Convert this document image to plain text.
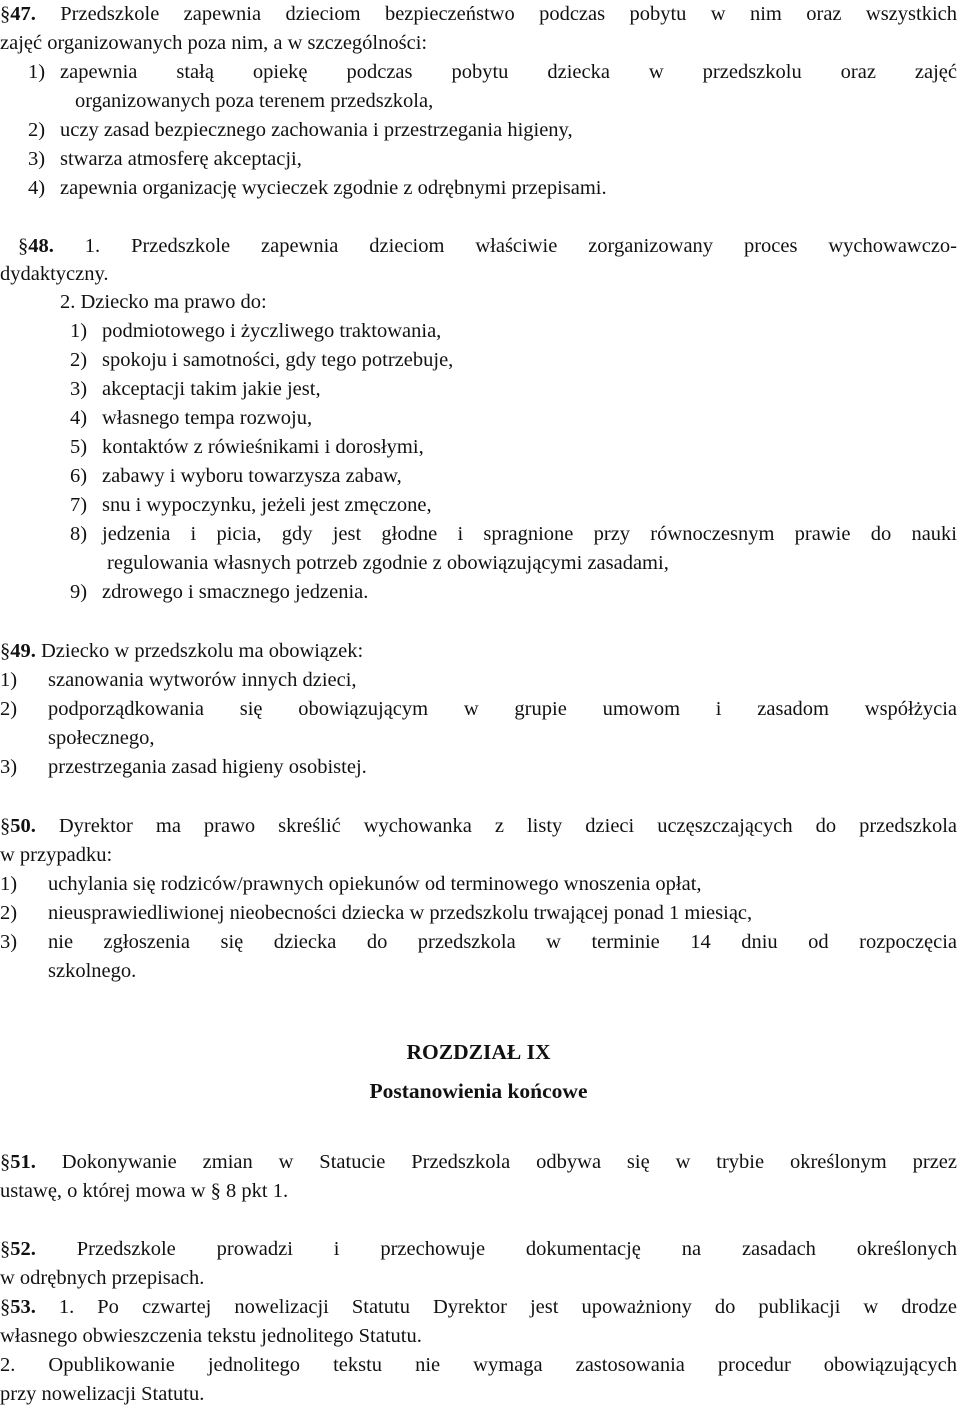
§47. Przedszkole zapewnia dzieciom bezpieczeństwo podczas pobytu w nim oraz wszystkich
zajęć organizowanych poza nim, a w szczególności:
1) zapewnia stałą opiekę podczas pobytu dziecka w przedszkolu oraz zajęć
organizowanych poza terenem przedszkola,
2) uczy zasad bezpiecznego zachowania i przestrzegania higieny,
3) stwarza atmosferę akceptacji,
4) zapewnia organizację wycieczek zgodnie z odrębnymi przepisami.
§48. 1. Przedszkole zapewnia dzieciom właściwie zorganizowany proces wychowawczo-
dydaktyczny.
2. Dziecko ma prawo do:
1) podmiotowego i życzliwego traktowania,
2) spokoju i samotności, gdy tego potrzebuje,
3) akceptacji takim jakie jest,
4) własnego tempa rozwoju,
5) kontaktów z rówieśnikami i dorosłymi,
6) zabawy i wyboru towarzysza zabaw,
7) snu i wypoczynku, jeżeli jest zmęczone,
8) jedzenia i picia, gdy jest głodne i spragnione przy równoczesnym prawie do nauki
regulowania własnych potrzeb zgodnie z obowiązującymi zasadami,
9) zdrowego i smacznego jedzenia.
§49. Dziecko w przedszkolu ma obowiązek:
1) szanowania wytworów innych dzieci,
2) podporządkowania się obowiązującym w grupie umowom i zasadom współżycia
społecznego,
3) przestrzegania zasad higieny osobistej.
§50. Dyrektor ma prawo skreślić wychowanka z listy dzieci uczęszczających do przedszkola
w przypadku:
1) uchylania się rodziców/prawnych opiekunów od terminowego wnoszenia opłat,
2) nieusprawiedliwionej nieobecności dziecka w przedszkolu trwającej ponad 1 miesiąc,
3) nie zgłoszenia się dziecka do przedszkola w terminie 14 dniu od rozpoczęcia
szkolnego.
ROZDZIAŁ IX
Postanowienia końcowe
§51. Dokonywanie zmian w Statucie Przedszkola odbywa się w trybie określonym przez
ustawę, o której mowa w § 8 pkt 1.
§52. Przedszkole prowadzi i przechowuje dokumentację na zasadach określonych
w odrębnych przepisach.
§53. 1. Po czwartej nowelizacji Statutu Dyrektor jest upoważniony do publikacji w drodze
własnego obwieszczenia tekstu jednolitego Statutu.
2. Opublikowanie jednolitego tekstu nie wymaga zastosowania procedur obowiązujących
przy nowelizacji Statutu.
